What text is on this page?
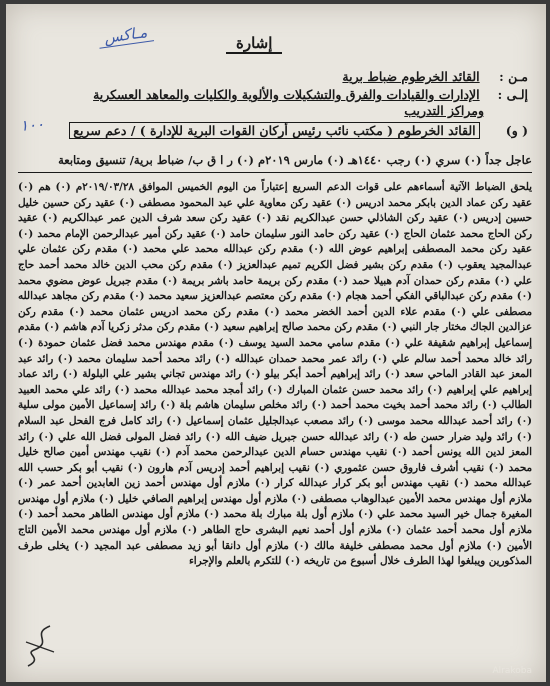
مـاكس	إشارة
مـن : القائد الخرطوم ضباط برية
إلـى : الإدارات والقيادات والفرق والتشكيلات والألوية والكليات والمعاهد العسكرية
ومراكز التدريب
( و) القائد الخرطوم ( مكتب نائب رئيس أركان القوات البرية للإدارة ) / دعم سريع
١٠٠
عاجل جداً (٠) سري (٠) رجب ١٤٤٠هـ (٠) مارس ٢٠١٩م (٠) ر ا ق ب/ ضباط برية/ تنسيق ومتابعة
يلحق الضباط الآتية أسماءهم على قوات الدعم السريع إعتباراً من اليوم الخميس الموافق ٢٠١٩/٠٣/٢٨م (٠) هم (٠) عقيد ركن عماد الدين بابكر محمد ادريس (٠) عقيد ركن معاوية علي عبد المحمود مصطفى (٠) عقيد ركن حسين خليل حسين إدريس (٠) عقيد ركن الشاذلي حسن عبدالكريم نقد (٠) عقيد ركن سعد شرف الدين عمر عبدالكريم (٠) عقيد ركن الحاج محمد عثمان الحاج (٠) عقيد ركن حامد النور سليمان حامد (٠) عقيد ركن أمير عبدالرحمن الإمام محمد (٠) عقيد ركن محمد المصطفى إبراهيم عوض الله (٠) مقدم ركن عبدالله محمد علي محمد (٠) مقدم ركن عثمان علي عبدالمجيد يعقوب (٠) مقدم ركن بشير فضل الكريم تميم عبدالعزيز (٠) مقدم ركن محب الدين خالد محمد أحمد حاج علي (٠) مقدم ركن حمدان آدم هبيلا حمد (٠) مقدم ركن بريمة حامد باشر بريمة (٠) مقدم جبريل عوض مضوي محمد (٠) مقدم ركن عبدالباقي الفكي أحمد هجام (٠) مقدم ركن معتصم عبدالعزيز سعيد محمد (٠) مقدم ركن مجاهد عبدالله مصطفى علي (٠) مقدم علاء الدين أحمد الخضر محمد (٠) مقدم ركن محمد ادريس عثمان محمد (٠) مقدم ركن عزالدين الجاك مختار جار النبي (٠) مقدم ركن محمد صالح إبراهيم سعيد (٠) مقدم ركن مدثر زكريا آدم هاشم (٠) مقدم إسماعيل إبراهيم شقيفة علي (٠) مقدم سامي محمد السيد يوسف (٠) مقدم مهندس محمد فضل عثمان حمودة (٠) رائد خالد محمد أحمد سالم علي (٠) رائد عمر محمد حمدان عبدالله (٠) رائد محمد أحمد سليمان محمد (٠) رائد عبد المعز عبد القادر الماحي سعد (٠) رائد إبراهيم أحمد أبكر بيلو (٠) رائد مهندس تجاني بشير علي البلولة (٠) رائد عماد إبراهيم علي إبراهيم (٠) رائد محمد حسن عثمان المبارك (٠) رائد أمجد محمد عبدالله محمد (٠) رائد علي محمد العبيد الطالب (٠) رائد محمد أحمد بخيت محمد أحمد (٠) رائد مخلص سليمان هاشم بلة (٠) رائد إسماعيل الأمين مولى سلية (٠) رائد أحمد عبدالله محمد موسى (٠) رائد مصعب عبدالجليل عثمان إسماعيل (٠) رائد كامل فرج الفحل عبد السلام (٠) رائد وليد ضرار حسن طه (٠) رائد عبدالله حسن جبريل ضيف الله (٠) رائد فضل المولى فضل الله علي (٠) رائد المعز لدين الله يونس أحمد (٠) نقيب مهندس حسام الدين عبدالرحمن محمد آدم (٠) نقيب مهندس أمين صالح خليل محمد (٠) نقيب أشرف فاروق حسن عثموري (٠) نقيب إبراهيم أحمد إدريس آدم هارون (٠) نقيب أبو بكر حسب الله عبدالله محمد (٠) نقيب مهندس أبو بكر كرار عبدالله كرار (٠) ملازم أول مهندس أحمد زين العابدين أحمد عمر (٠) ملازم أول مهندس محمد الأمين عبدالوهاب مصطفى (٠) ملازم أول مهندس إبراهيم الصافي خليل (٠) ملازم أول مهندس المغيرة جمال خير السيد محمد علي (٠) ملازم أول بلة مبارك بلة محمد (٠) ملازم أول مهندس الطاهر محمد أحمد (٠) ملازم أول محمد أحمد عثمان (٠) ملازم أول أحمد نعيم البشرى حاج الطاهر (٠) ملازم أول مهندس محمد الأمين التاج الأمين (٠) ملازم أول محمد مصطفى خليفة مالك (٠) ملازم أول دانقا أبو زيد مصطفى عبد المجيد (٠) يخلى طرف المذكورين ويبلغوا لهذا الطرف خلال أسبوع من تاريخه (٠) للتكرم بالعلم والإجراء
Alrakoba
